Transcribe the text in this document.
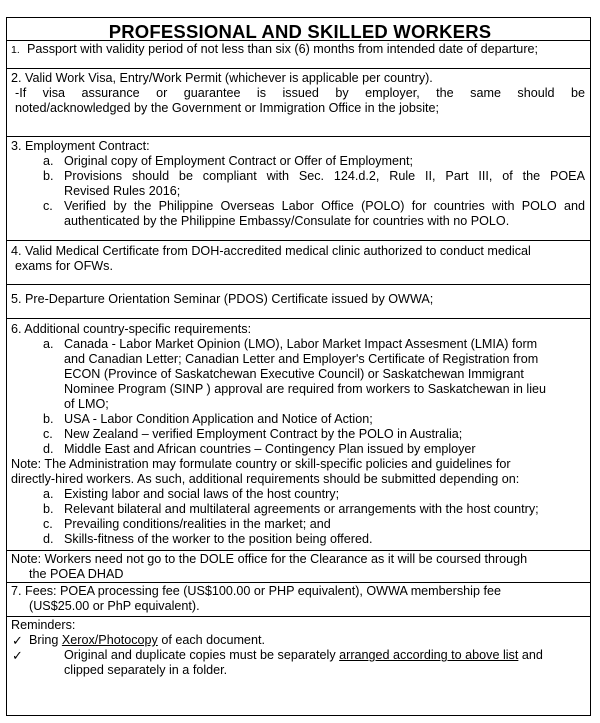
PROFESSIONAL AND SKILLED WORKERS
1. Passport with validity period of not less than six (6) months from intended date of departure;
2. Valid Work Visa, Entry/Work Permit (whichever is applicable per country).
-If visa assurance or guarantee is issued by employer, the same should be
noted/acknowledged by the Government or Immigration Office in the jobsite;
3. Employment Contract:
a. Original copy of Employment Contract or Offer of Employment;
b. Provisions should be compliant with Sec. 124.d.2, Rule II, Part III, of the POEA
Revised Rules 2016;
c. Verified by the Philippine Overseas Labor Office (POLO) for countries with POLO and
authenticated by the Philippine Embassy/Consulate for countries with no POLO.
4. Valid Medical Certificate from DOH-accredited medical clinic authorized to conduct medical
exams for OFWs.
5. Pre-Departure Orientation Seminar (PDOS) Certificate issued by OWWA;
6. Additional country-specific requirements:
a. Canada - Labor Market Opinion (LMO), Labor Market Impact Assesment (LMIA) form
and Canadian Letter; Canadian Letter and Employer's Certificate of Registration from
ECON (Province of Saskatchewan Executive Council) or Saskatchewan Immigrant
Nominee Program (SINP ) approval are required from workers to Saskatchewan in lieu
of LMO;
b. USA - Labor Condition Application and Notice of Action;
c. New Zealand – verified Employment Contract by the POLO in Australia;
d. Middle East and African countries – Contingency Plan issued by employer
Note: The Administration may formulate country or skill-specific policies and guidelines for
directly-hired workers. As such, additional requirements should be submitted depending on:
a. Existing labor and social laws of the host country;
b. Relevant bilateral and multilateral agreements or arrangements with the host country;
c. Prevailing conditions/realities in the market; and
d. Skills-fitness of the worker to the position being offered.
Note: Workers need not go to the DOLE office for the Clearance as it will be coursed through
the POEA DHAD
7. Fees: POEA processing fee (US$100.00 or PHP equivalent), OWWA membership fee
(US$25.00 or PhP equivalent).
Reminders:
✓ Bring Xerox/Photocopy of each document.
✓	Original and duplicate copies must be separately arranged according to above list and
clipped separately in a folder.
